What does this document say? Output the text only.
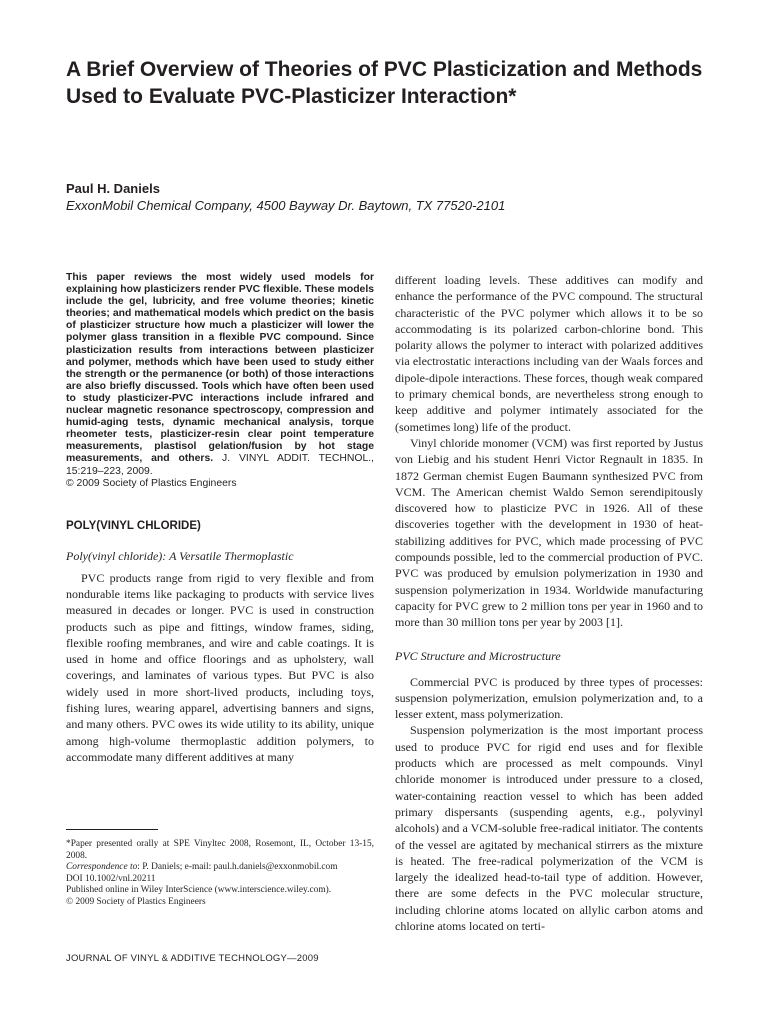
A Brief Overview of Theories of PVC Plasticization and Methods Used to Evaluate PVC-Plasticizer Interaction*
Paul H. Daniels
ExxonMobil Chemical Company, 4500 Bayway Dr. Baytown, TX 77520-2101

This paper reviews the most widely used models for explaining how plasticizers render PVC flexible. These models include the gel, lubricity, and free volume theories; kinetic theories; and mathematical models which predict on the basis of plasticizer structure how much a plasticizer will lower the polymer glass transition in a flexible PVC compound. Since plasticization results from interactions between plasticizer and polymer, methods which have been used to study either the strength or the permanence (or both) of those interactions are also briefly discussed. Tools which have often been used to study plasticizer-PVC interactions include infrared and nuclear magnetic resonance spectroscopy, compression and humid-aging tests, dynamic mechanical analysis, torque rheometer tests, plasticizer-resin clear point temperature measurements, plastisol gelation/fusion by hot stage measurements, and others. J. VINYL ADDIT. TECHNOL., 15:219–223, 2009.
© 2009 Society of Plastics Engineers

POLY(VINYL CHLORIDE)
Poly(vinyl chloride): A Versatile Thermoplastic

PVC products range from rigid to very flexible and from nondurable items like packaging to products with service lives measured in decades or longer. PVC is used in construction products such as pipe and fittings, window frames, siding, flexible roofing membranes, and wire and cable coatings. It is used in home and office floorings and as upholstery, wall coverings, and laminates of various types. But PVC is also widely used in more short-lived products, including toys, fishing lures, wearing apparel, advertising banners and signs, and many others. PVC owes its wide utility to its ability, unique among high-volume thermoplastic addition polymers, to accommodate many different additives at many

different loading levels. These additives can modify and enhance the performance of the PVC compound. The structural characteristic of the PVC polymer which allows it to be so accommodating is its polarized carbon-chlorine bond. This polarity allows the polymer to interact with polarized additives via electrostatic interactions including van der Waals forces and dipole-dipole interactions. These forces, though weak compared to primary chemical bonds, are nevertheless strong enough to keep additive and polymer intimately associated for the (sometimes long) life of the product.

Vinyl chloride monomer (VCM) was first reported by Justus von Liebig and his student Henri Victor Regnault in 1835. In 1872 German chemist Eugen Baumann synthesized PVC from VCM. The American chemist Waldo Semon serendipitously discovered how to plasticize PVC in 1926. All of these discoveries together with the development in 1930 of heat-stabilizing additives for PVC, which made processing of PVC compounds possible, led to the commercial production of PVC. PVC was produced by emulsion polymerization in 1930 and suspension polymerization in 1934. Worldwide manufacturing capacity for PVC grew to 2 million tons per year in 1960 and to more than 30 million tons per year by 2003 [1].

PVC Structure and Microstructure

Commercial PVC is produced by three types of processes: suspension polymerization, emulsion polymerization and, to a lesser extent, mass polymerization.

Suspension polymerization is the most important process used to produce PVC for rigid end uses and for flexible products which are processed as melt compounds. Vinyl chloride monomer is introduced under pressure to a closed, water-containing reaction vessel to which has been added primary dispersants (suspending agents, e.g., polyvinyl alcohols) and a VCM-soluble free-radical initiator. The contents of the vessel are agitated by mechanical stirrers as the mixture is heated. The free-radical polymerization of the VCM is largely the idealized head-to-tail type of addition. However, there are some defects in the PVC molecular structure, including chlorine atoms located on allylic carbon atoms and chlorine atoms located on terti-

*Paper presented orally at SPE Vinyltec 2008, Rosemont, IL, October 13-15, 2008.
Correspondence to: P. Daniels; e-mail: paul.h.daniels@exxonmobil.com
DOI 10.1002/vnl.20211
Published online in Wiley InterScience (www.interscience.wiley.com).
© 2009 Society of Plastics Engineers
JOURNAL OF VINYL & ADDITIVE TECHNOLOGY—2009
